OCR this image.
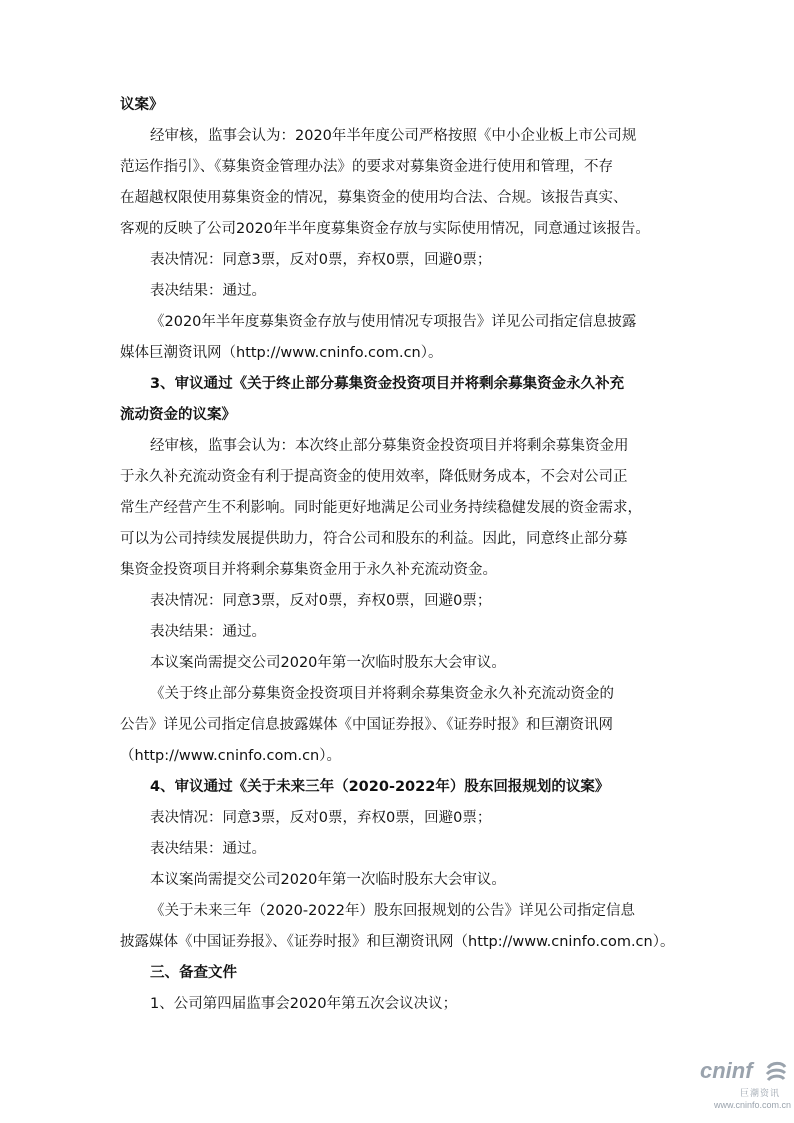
议案》
经审核，监事会认为：2020年半年度公司严格按照《中小企业板上市公司规
范运作指引》、《募集资金管理办法》的要求对募集资金进行使用和管理，不存
在超越权限使用募集资金的情况，募集资金的使用均合法、合规。该报告真实、
客观的反映了公司2020年半年度募集资金存放与实际使用情况，同意通过该报告。
表决情况：同意3票，反对0票，弃权0票，回避0票；
表决结果：通过。
《2020年半年度募集资金存放与使用情况专项报告》详见公司指定信息披露
媒体巨潮资讯网（http://www.cninfo.com.cn）。
3、审议通过《关于终止部分募集资金投资项目并将剩余募集资金永久补充
流动资金的议案》
经审核，监事会认为：本次终止部分募集资金投资项目并将剩余募集资金用
于永久补充流动资金有利于提高资金的使用效率，降低财务成本，不会对公司正
常生产经营产生不利影响。同时能更好地满足公司业务持续稳健发展的资金需求，
可以为公司持续发展提供助力，符合公司和股东的利益。因此，同意终止部分募
集资金投资项目并将剩余募集资金用于永久补充流动资金。
表决情况：同意3票，反对0票，弃权0票，回避0票；
表决结果：通过。
本议案尚需提交公司2020年第一次临时股东大会审议。
《关于终止部分募集资金投资项目并将剩余募集资金永久补充流动资金的
公告》详见公司指定信息披露媒体《中国证券报》、《证券时报》和巨潮资讯网
（http://www.cninfo.com.cn）。
4、审议通过《关于未来三年（2020-2022年）股东回报规划的议案》
表决情况：同意3票，反对0票，弃权0票，回避0票；
表决结果：通过。
本议案尚需提交公司2020年第一次临时股东大会审议。
《关于未来三年（2020-2022年）股东回报规划的公告》详见公司指定信息
披露媒体《中国证券报》、《证券时报》和巨潮资讯网（http://www.cninfo.com.cn）。
三、备查文件
1、公司第四届监事会2020年第五次会议决议；
cninf
巨潮资讯
www.cninfo.com.cn
